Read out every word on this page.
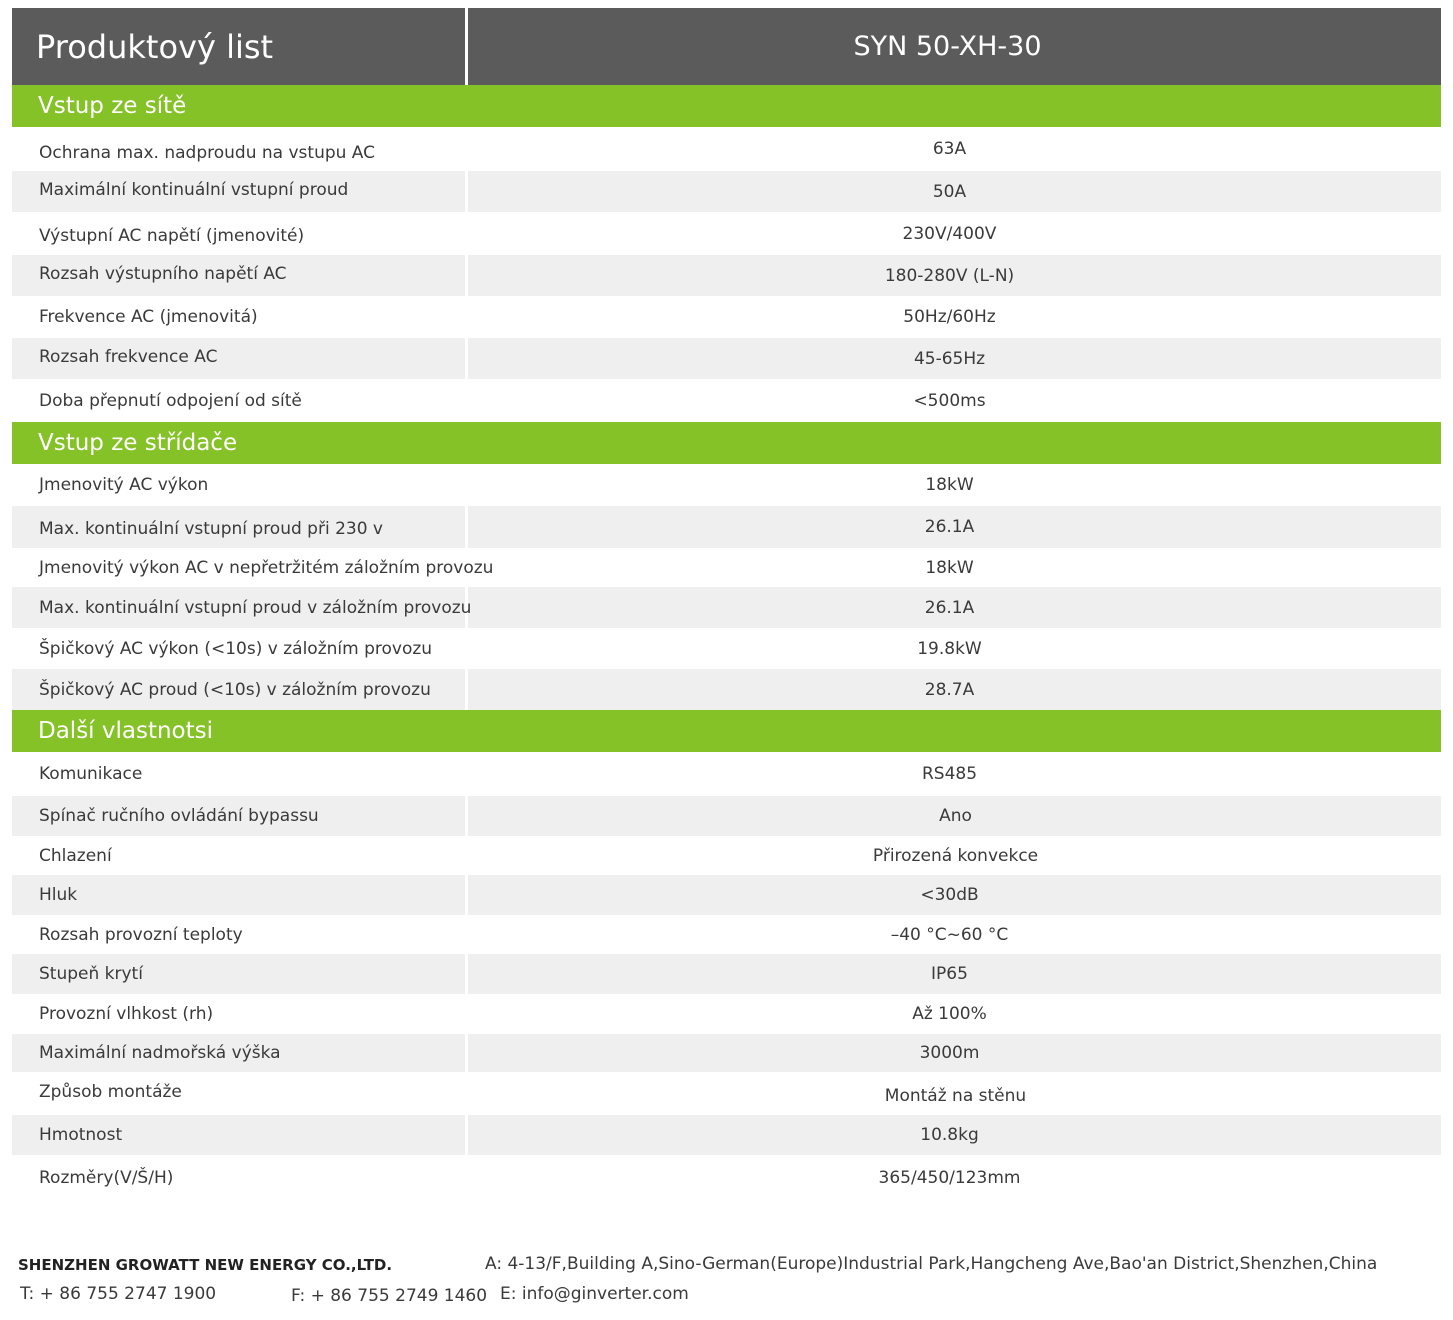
Produktový list	SYN 50-XH-30
Vstup ze sítě
Ochrana max. nadproudu na vstupu AC	63A
Maximální kontinuální vstupní proud	50A
Výstupní AC napětí (jmenovité)	230V/400V
Rozsah výstupního napětí AC	180-280V (L-N)
Frekvence AC (jmenovitá)	50Hz/60Hz
Rozsah frekvence AC	45-65Hz
Doba přepnutí odpojení od sítě	<500ms
Vstup ze střídače
Jmenovitý AC výkon	18kW
Max. kontinuální vstupní proud při 230 v	26.1A
Jmenovitý výkon AC v nepřetržitém záložním provozu	18kW
Max. kontinuální vstupní proud v záložním provozu	26.1A
Špičkový AC výkon (<10s) v záložním provozu	19.8kW
Špičkový AC proud (<10s) v záložním provozu	28.7A
Další vlastnotsi
Komunikace	RS485
Spínač ručního ovládání bypassu	Ano
Chlazení	Přirozená konvekce
Hluk	<30dB
Rozsah provozní teploty	–40 °C~60 °C
Stupeň krytí	IP65
Provozní vlhkost (rh)	Až 100%
Maximální nadmořská výška	3000m
Způsob montáže	Montáž na stěnu
Hmotnost	10.8kg
Rozměry(V/Š/H)	365/450/123mm
SHENZHEN GROWATT NEW ENERGY CO.,LTD.
T: + 86 755 2747 1900	F: + 86 755 2749 1460
A: 4-13/F,Building A,Sino-German(Europe)Industrial Park,Hangcheng Ave,Bao'an District,Shenzhen,China
E: info@ginverter.com
